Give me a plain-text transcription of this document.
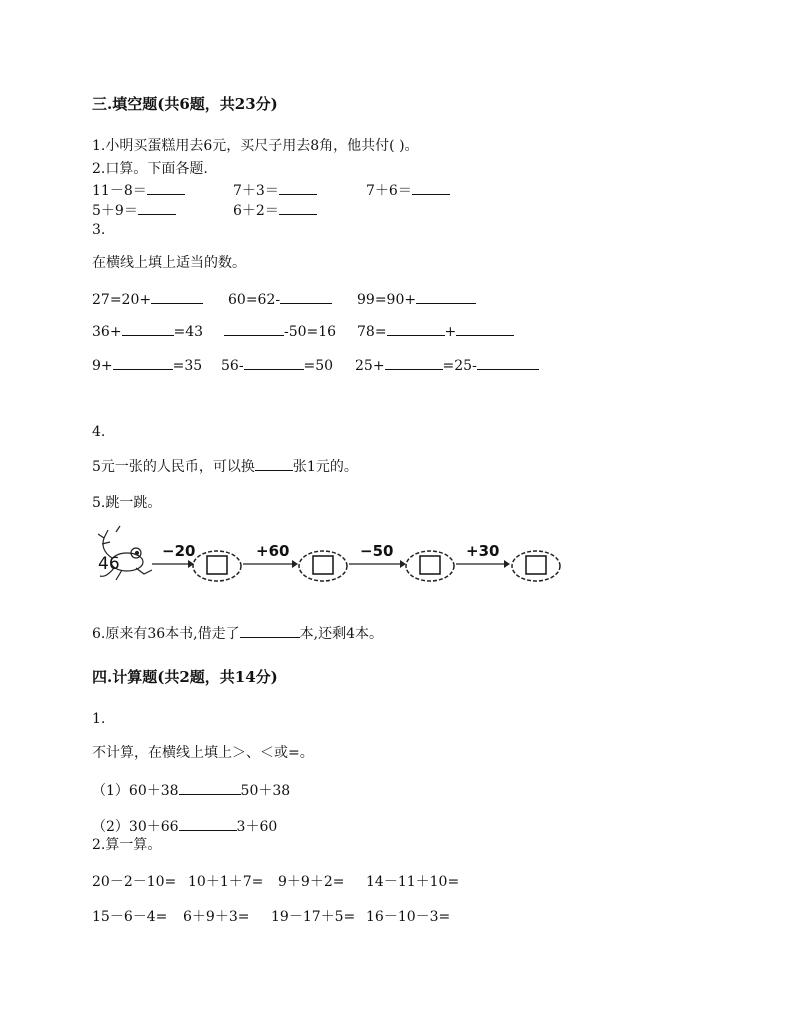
三.填空题(共6题，共23分)
1.小明买蛋糕用去6元，买尺子用去8角，他共付( )。
2.口算。下面各题.
11－8＝	7＋3＝	7＋6＝
5＋9＝	6＋2＝
3.
在横线上填上适当的数。
27=20+	60=62-	99=90+
36+	=43	-50=16 78=	+
9+	=35 56-	=50 25+	=25-
4.
5元一张的人民币，可以换	张1元的。
5.跳一跳。
46
−20	+60	−50	+30
6.原来有36本书,借走了	本,还剩4本。
四.计算题(共2题，共14分)
1.
不计算，在横线上填上＞、＜或=。
（1）60＋38	50＋38
（2）30＋66	3＋60
2.算一算。
20－2－10= 10＋1＋7= 9＋9＋2= 14－11＋10=
15－6－4= 6＋9＋3= 19－17＋5= 16－10－3=
